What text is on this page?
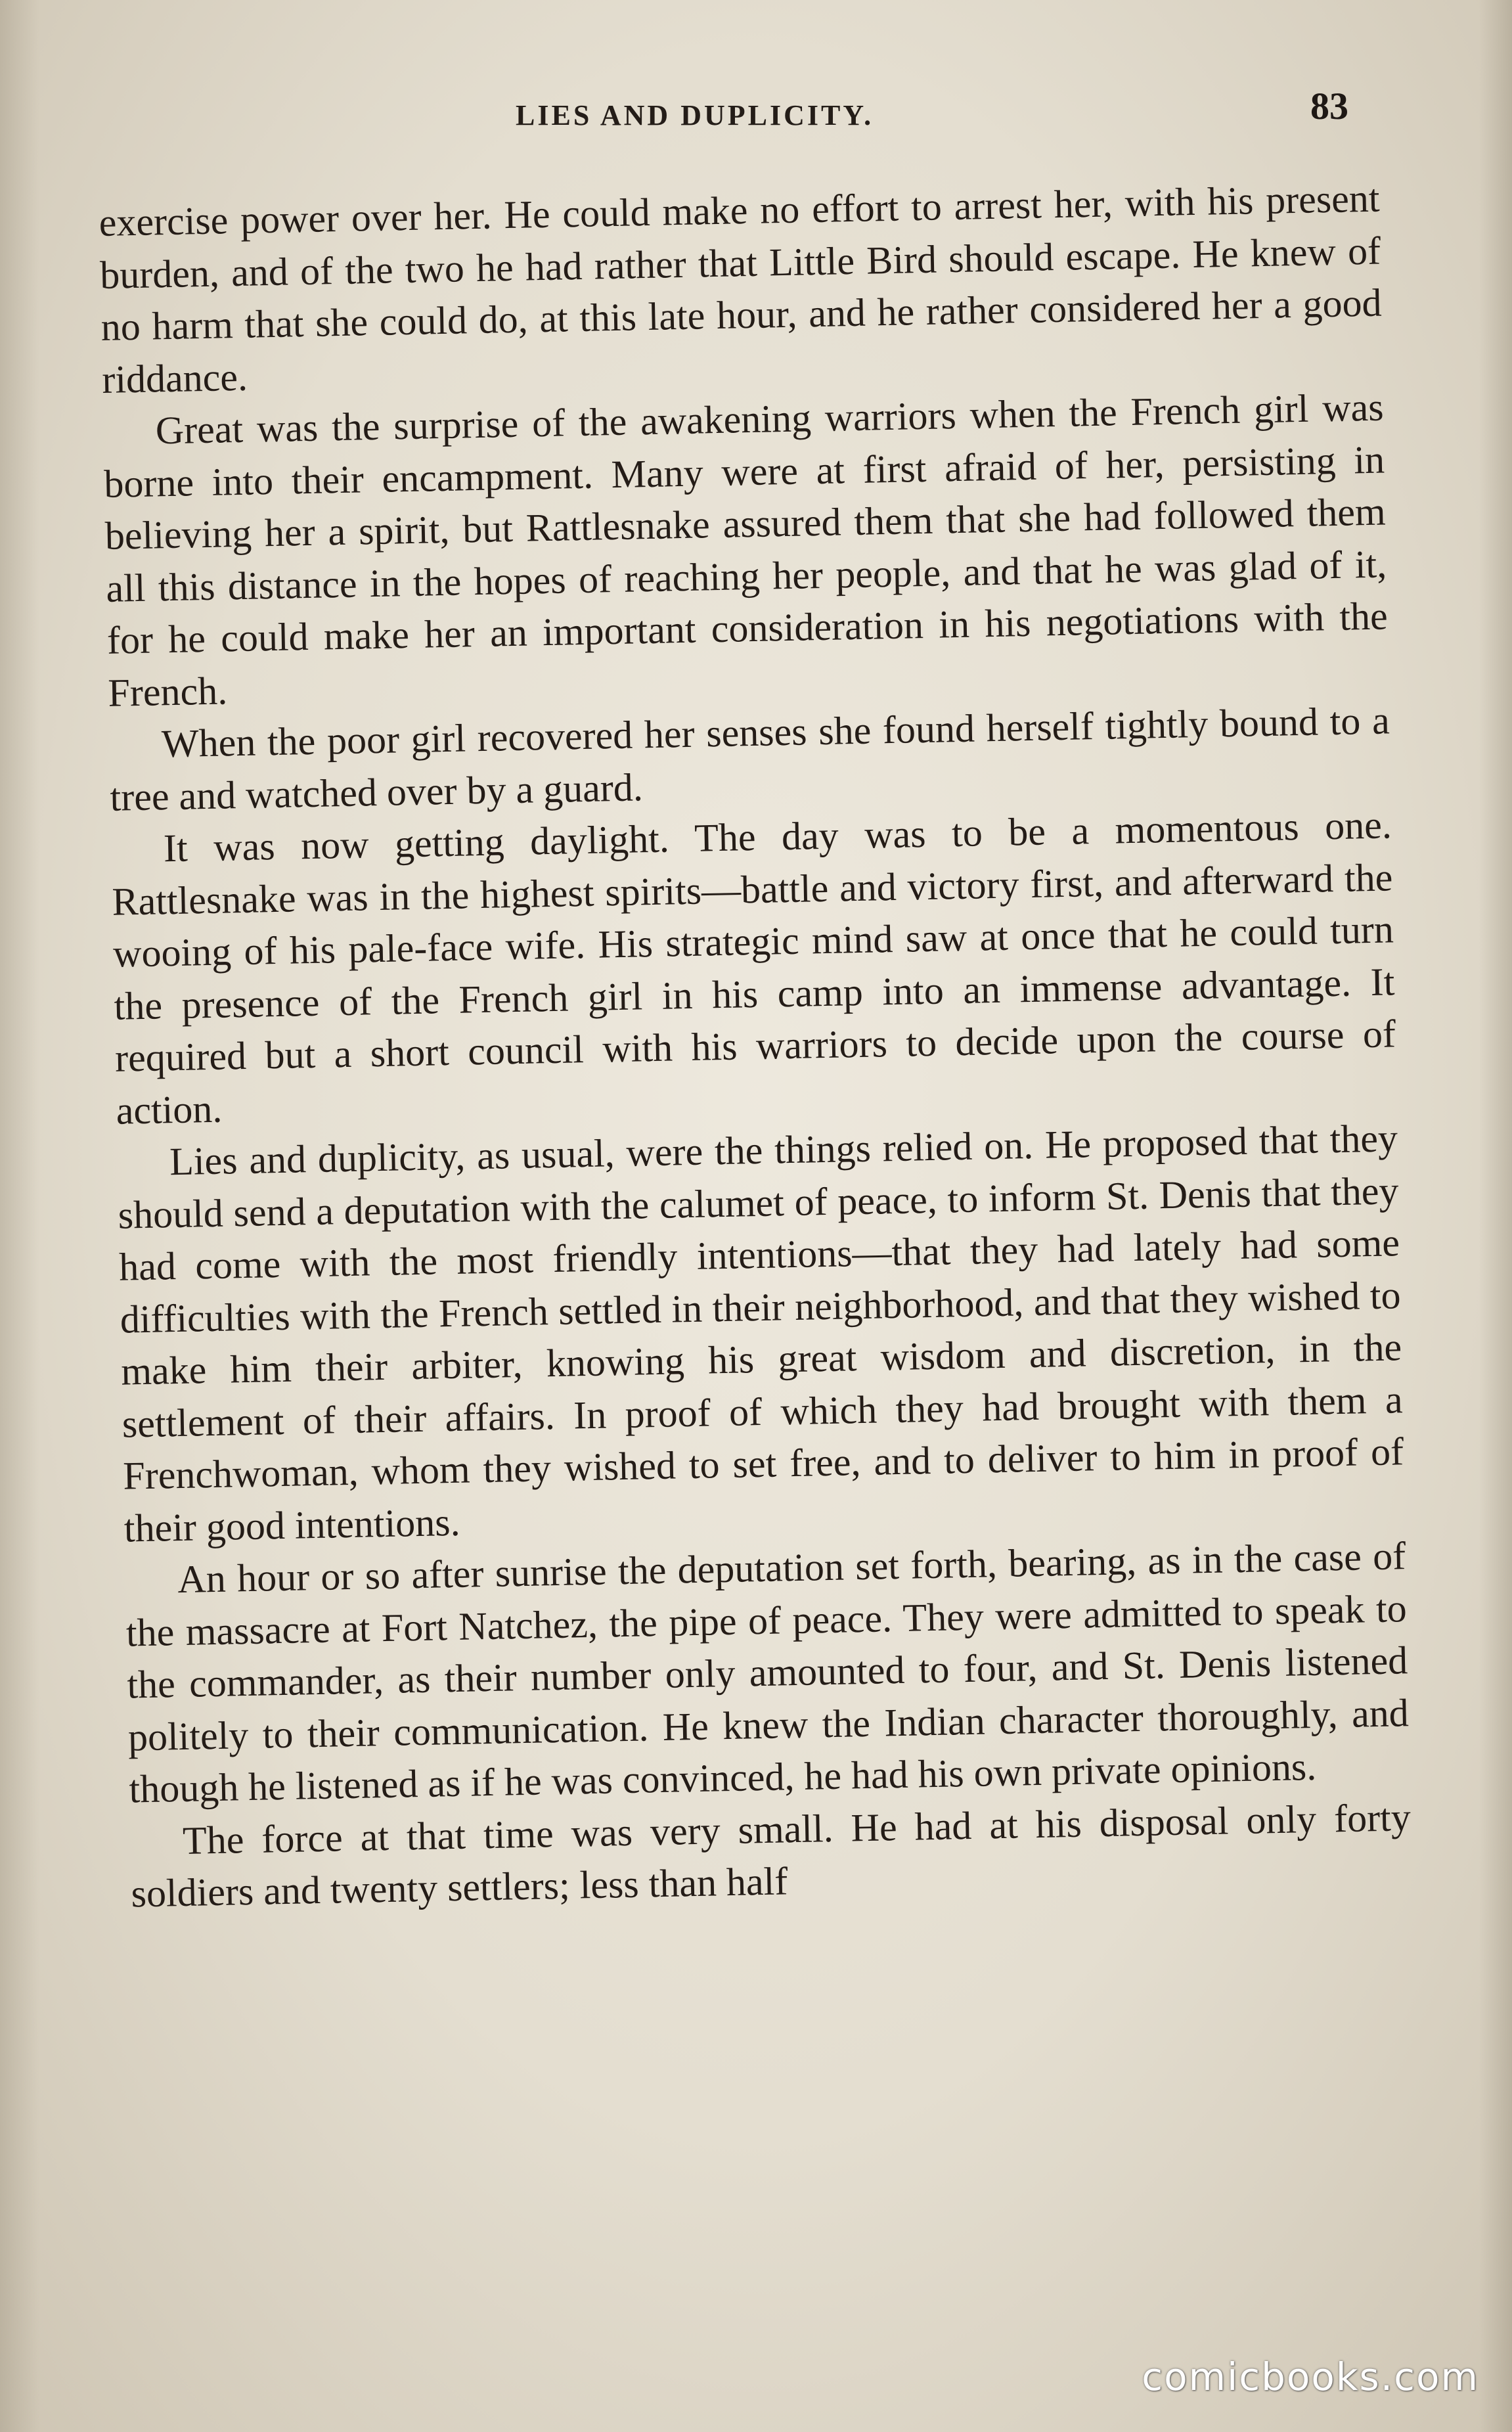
LIES AND DUPLICITY.	83

exercise power over her. He could make no effort to arrest her, with his present burden, and of the two he had rather that Little Bird should escape. He knew of no harm that she could do, at this late hour, and he rather considered her a good riddance.

Great was the surprise of the awakening warriors when the French girl was borne into their encampment. Many were at first afraid of her, persisting in believing her a spirit, but Rattlesnake assured them that she had followed them all this distance in the hopes of reaching her people, and that he was glad of it, for he could make her an important consideration in his negotiations with the French.

When the poor girl recovered her senses she found herself tightly bound to a tree and watched over by a guard.

It was now getting daylight. The day was to be a momentous one. Rattlesnake was in the highest spirits—battle and victory first, and afterward the wooing of his pale-face wife. His strategic mind saw at once that he could turn the presence of the French girl in his camp into an immense advantage. It required but a short council with his warriors to decide upon the course of action.

Lies and duplicity, as usual, were the things relied on. He proposed that they should send a deputation with the calumet of peace, to inform St. Denis that they had come with the most friendly intentions—that they had lately had some difficulties with the French settled in their neighborhood, and that they wished to make him their arbiter, knowing his great wisdom and discretion, in the settlement of their affairs. In proof of which they had brought with them a Frenchwoman, whom they wished to set free, and to deliver to him in proof of their good intentions.

An hour or so after sunrise the deputation set forth, bearing, as in the case of the massacre at Fort Natchez, the pipe of peace. They were admitted to speak to the commander, as their number only amounted to four, and St. Denis listened politely to their communication. He knew the Indian character thoroughly, and though he listened as if he was convinced, he had his own private opinions.

The force at that time was very small. He had at his disposal only forty soldiers and twenty settlers; less than half

comicbooks.com
